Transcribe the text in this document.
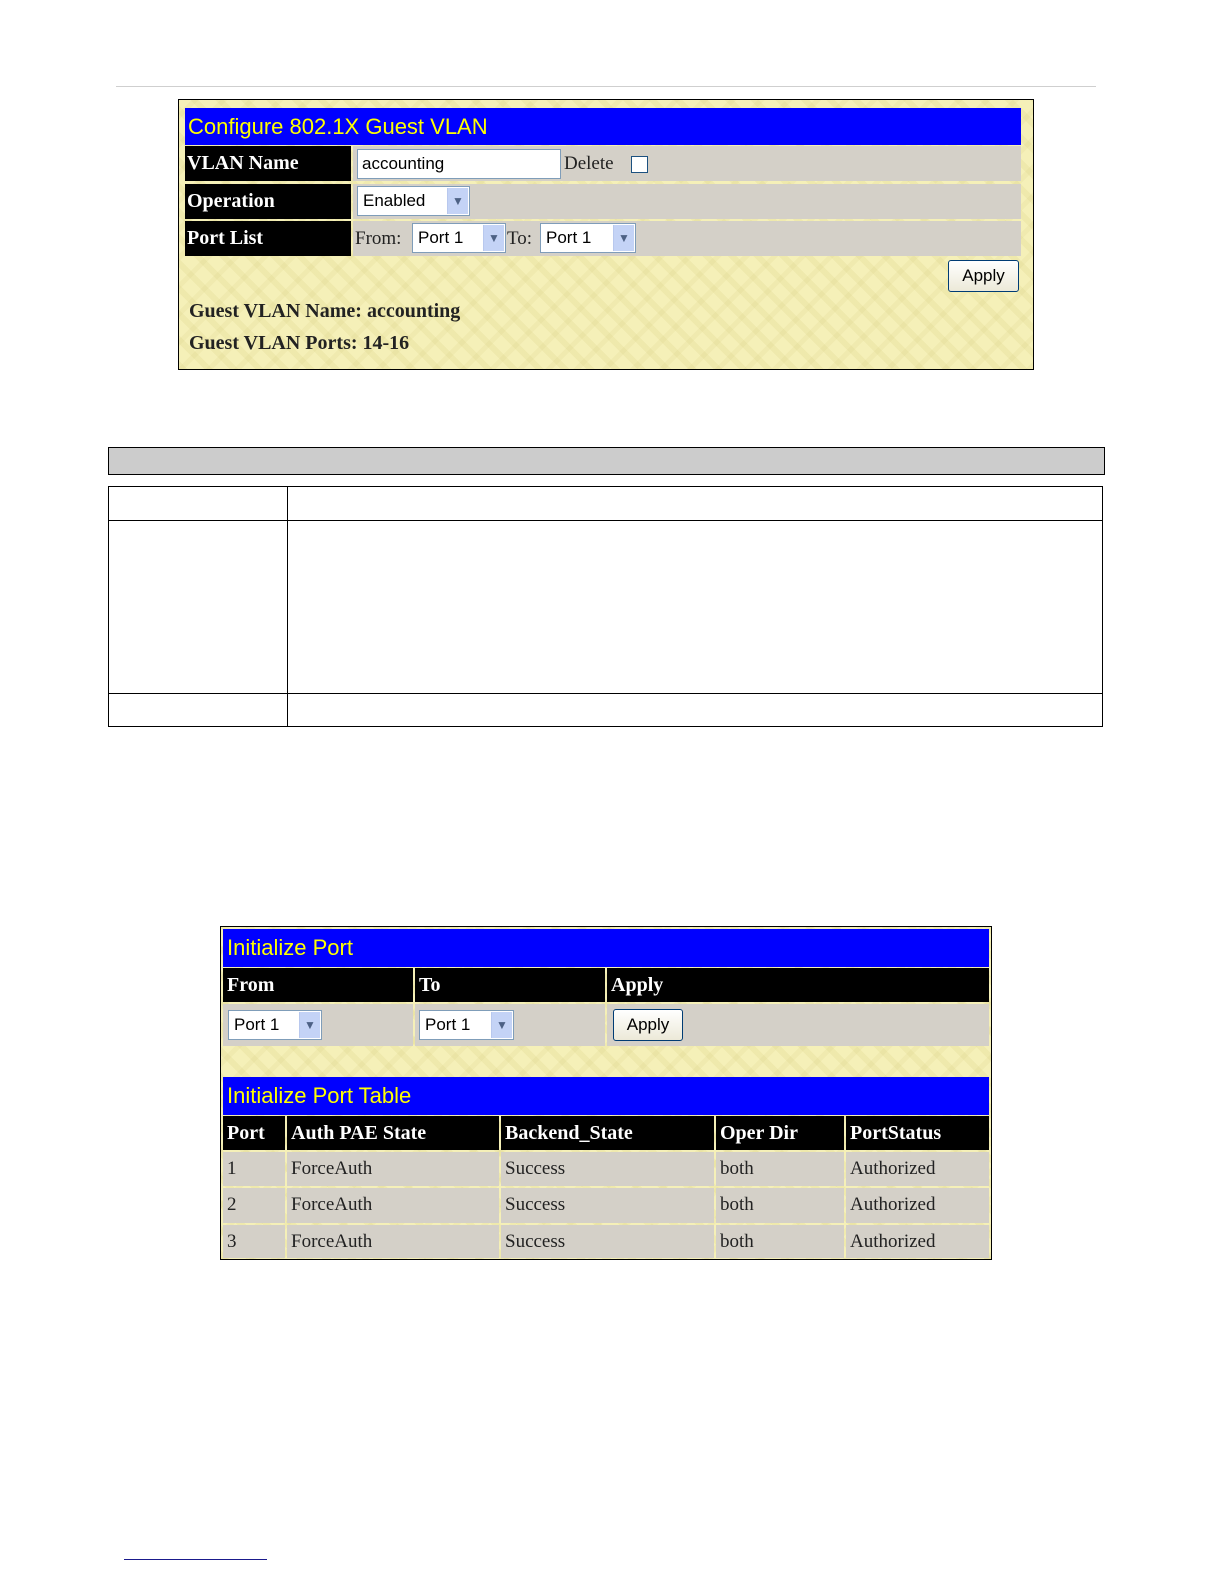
Configure 802.1X Guest VLAN
VLAN Name	accounting	Delete
Operation	Enabled	▼
Port List	From: Port 1	▼ To: Port 1	▼
Apply
Guest VLAN Name: accounting
Guest VLAN Ports: 14-16
Initialize Port
From	To	Apply
Port 1	▼	Port 1	▼	Apply
Initialize Port Table
Port	Auth PAE State	Backend_State	Oper Dir	PortStatus
1	ForceAuth	Success	both	Authorized
2	ForceAuth	Success	both	Authorized
3	ForceAuth	Success	both	Authorized
